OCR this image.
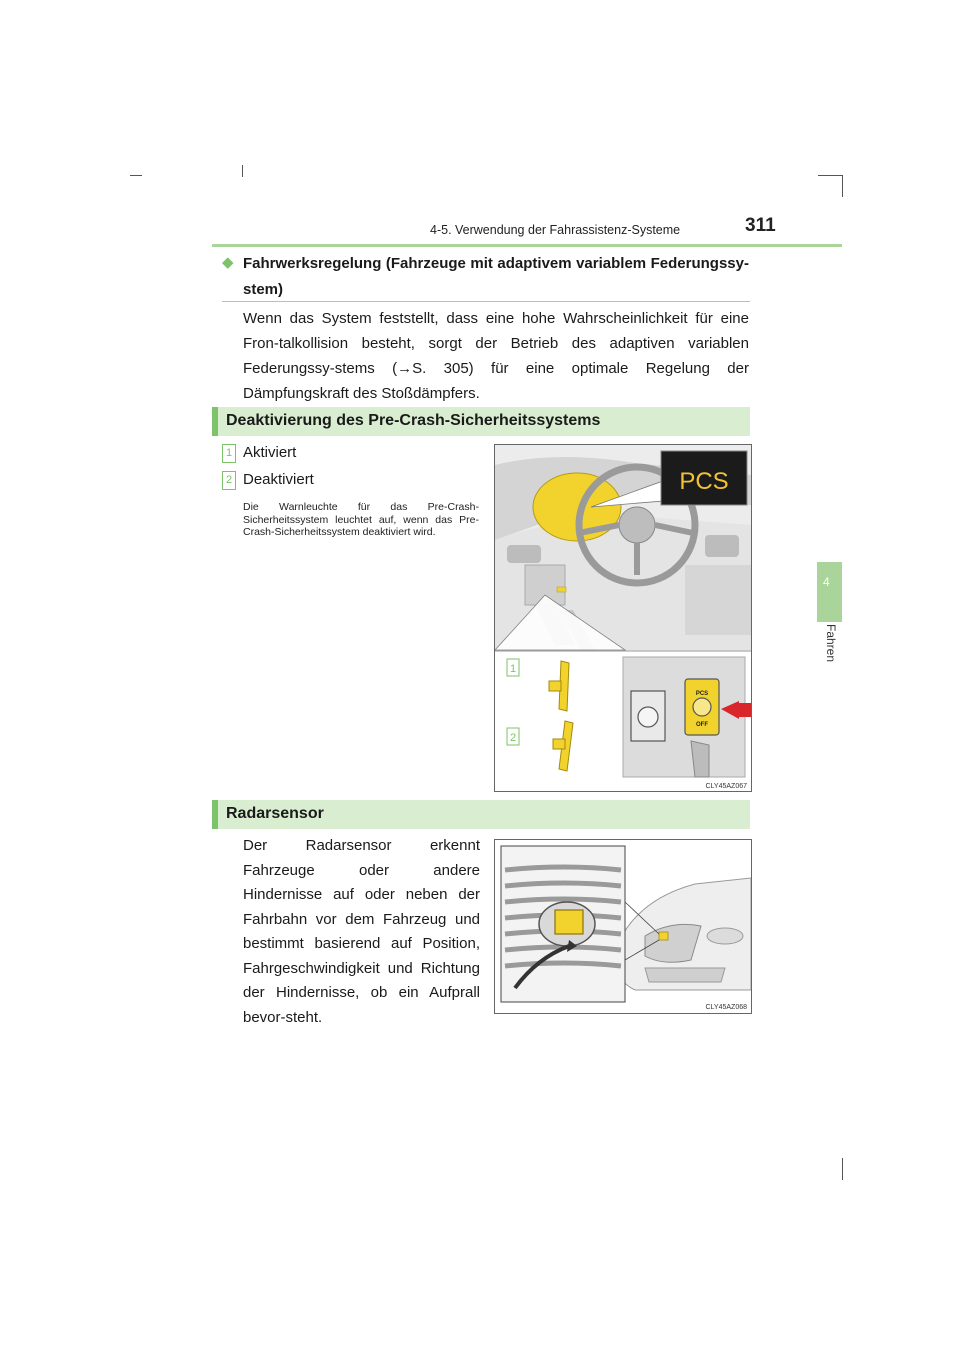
4-5. Verwendung der Fahrassistenz-Systeme	311
4
Fahren
◆ Fahrwerksregelung (Fahrzeuge mit adaptivem variablem Federungssy-stem)
Wenn das System feststellt, dass eine hohe Wahrscheinlichkeit für eine Fron-talkollision besteht, sorgt der Betrieb des adaptiven variablen Federungssy-stems (→S. 305) für eine optimale Regelung der Dämpfungskraft des Stoßdämpfers.
Deaktivierung des Pre-Crash-Sicherheitssystems
1 Aktiviert
2 Deaktiviert
Die Warnleuchte für das Pre-Crash-Sicherheitssystem leuchtet auf, wenn das Pre-Crash-Sicherheitssystem deaktiviert wird.
PCS
PCS
OFF
1
2
CLY45AZ067
Radarsensor
Der Radarsensor erkennt Fahrzeuge oder andere Hindernisse auf oder neben der Fahrbahn vor dem Fahrzeug und bestimmt basierend auf Position, Fahrgeschwindigkeit und Richtung der Hindernisse, ob ein Aufprall bevor-steht.
CLY45AZ068
